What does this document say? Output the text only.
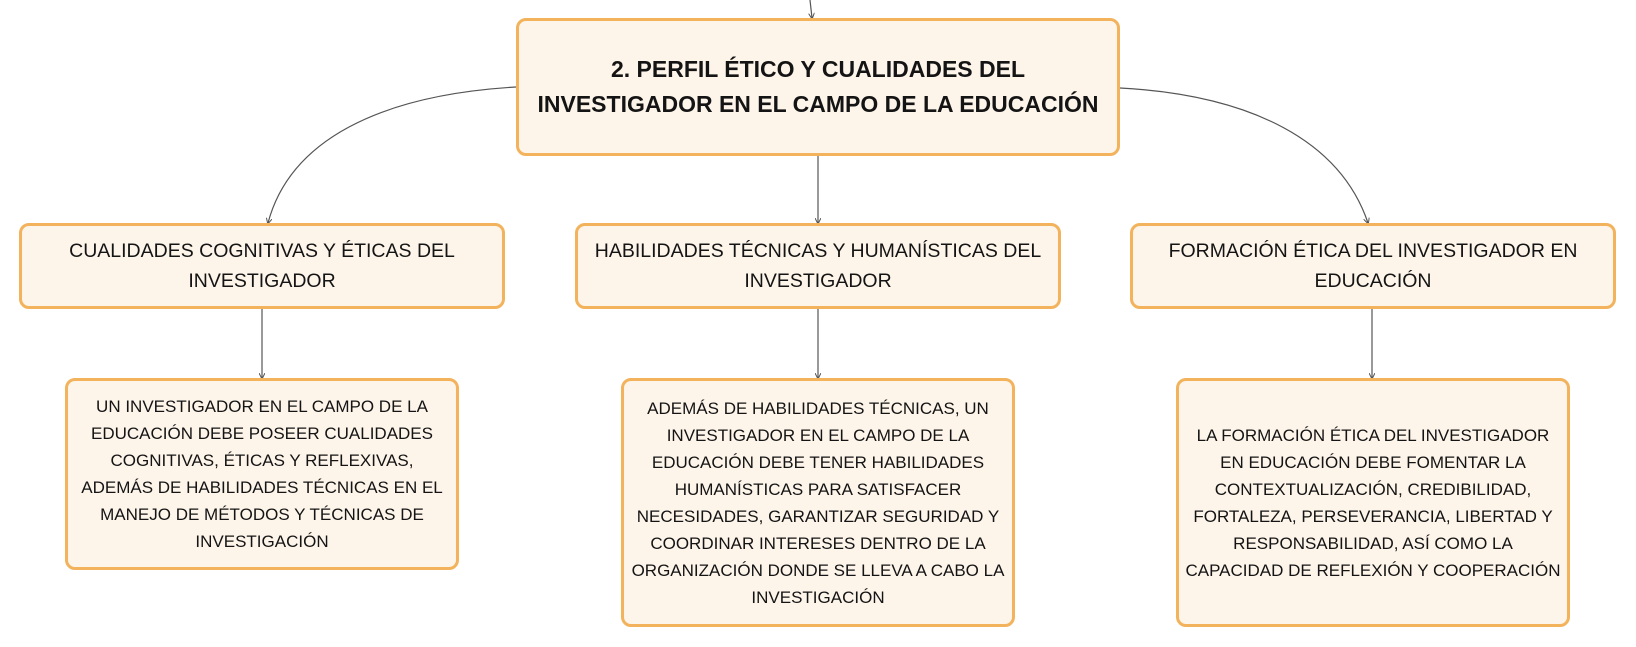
2. PERFIL ÉTICO Y CUALIDADES DEL INVESTIGADOR EN EL CAMPO DE LA EDUCACIÓN
CUALIDADES COGNITIVAS Y ÉTICAS DEL INVESTIGADOR
HABILIDADES TÉCNICAS Y HUMANÍSTICAS DEL INVESTIGADOR
FORMACIÓN ÉTICA DEL INVESTIGADOR EN EDUCACIÓN
UN INVESTIGADOR EN EL CAMPO DE LA EDUCACIÓN DEBE POSEER CUALIDADES COGNITIVAS, ÉTICAS Y REFLEXIVAS, ADEMÁS DE HABILIDADES TÉCNICAS EN EL MANEJO DE MÉTODOS Y TÉCNICAS DE INVESTIGACIÓN
ADEMÁS DE HABILIDADES TÉCNICAS, UN INVESTIGADOR EN EL CAMPO DE LA EDUCACIÓN DEBE TENER HABILIDADES HUMANÍSTICAS PARA SATISFACER NECESIDADES, GARANTIZAR SEGURIDAD Y COORDINAR INTERESES DENTRO DE LA ORGANIZACIÓN DONDE SE LLEVA A CABO LA INVESTIGACIÓN
LA FORMACIÓN ÉTICA DEL INVESTIGADOR EN EDUCACIÓN DEBE FOMENTAR LA CONTEXTUALIZACIÓN, CREDIBILIDAD, FORTALEZA, PERSEVERANCIA, LIBERTAD Y RESPONSABILIDAD, ASÍ COMO LA CAPACIDAD DE REFLEXIÓN Y COOPERACIÓN
